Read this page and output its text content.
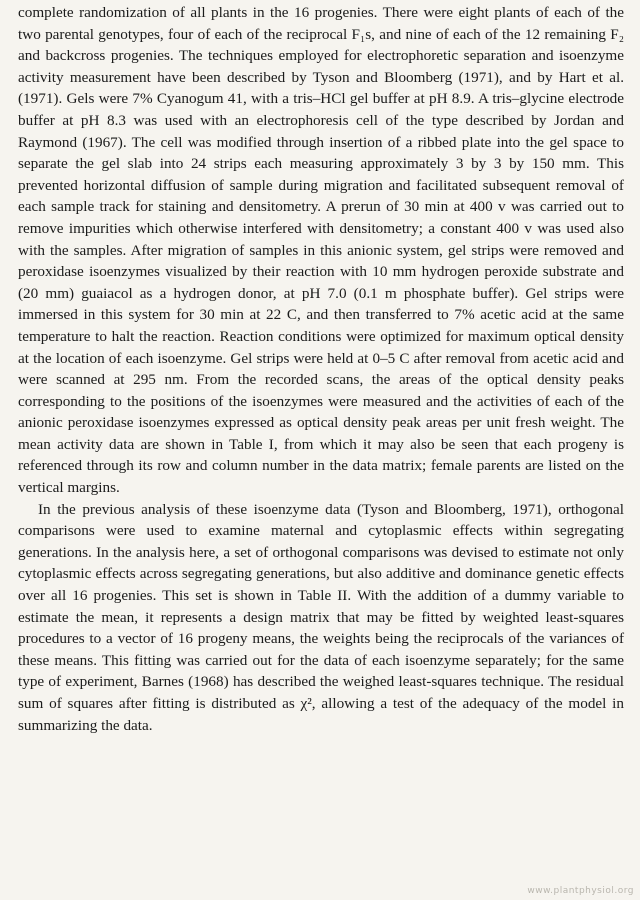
complete randomization of all plants in the 16 progenies. There were eight plants of each of the two parental genotypes, four of each of the reciprocal F₁s, and nine of each of the 12 remaining F₂ and backcross progenies. The techniques employed for electrophoretic separation and isoenzyme activity measurement have been described by Tyson and Bloomberg (1971), and by Hart et al. (1971). Gels were 7% Cyanogum 41, with a tris–HCl gel buffer at pH 8.9. A tris–glycine electrode buffer at pH 8.3 was used with an electrophoresis cell of the type described by Jordan and Raymond (1967). The cell was modified through insertion of a ribbed plate into the gel space to separate the gel slab into 24 strips each measuring approximately 3 by 3 by 150 mm. This prevented horizontal diffusion of sample during migration and facilitated subsequent removal of each sample track for staining and densitometry. A prerun of 30 min at 400 v was carried out to remove impurities which otherwise interfered with densitometry; a constant 400 v was used also with the samples. After migration of samples in this anionic system, gel strips were removed and peroxidase isoenzymes visualized by their reaction with 10 mm hydrogen peroxide substrate and (20 mm) guaiacol as a hydrogen donor, at pH 7.0 (0.1 m phosphate buffer). Gel strips were immersed in this system for 30 min at 22 C, and then transferred to 7% acetic acid at the same temperature to halt the reaction. Reaction conditions were optimized for maximum optical density at the location of each isoenzyme. Gel strips were held at 0–5 C after removal from acetic acid and were scanned at 295 nm. From the recorded scans, the areas of the optical density peaks corresponding to the positions of the isoenzymes were measured and the activities of each of the anionic peroxidase isoenzymes expressed as optical density peak areas per unit fresh weight. The mean activity data are shown in Table I, from which it may also be seen that each progeny is referenced through its row and column number in the data matrix; female parents are listed on the vertical margins.

In the previous analysis of these isoenzyme data (Tyson and Bloomberg, 1971), orthogonal comparisons were used to examine maternal and cytoplasmic effects within segregating generations. In the analysis here, a set of orthogonal comparisons was devised to estimate not only cytoplasmic effects across segregating generations, but also additive and dominance genetic effects over all 16 progenies. This set is shown in Table II. With the addition of a dummy variable to estimate the mean, it represents a design matrix that may be fitted by weighted least-squares procedures to a vector of 16 progeny means, the weights being the reciprocals of the variances of these means. This fitting was carried out for the data of each isoenzyme separately; for the same type of experiment, Barnes (1968) has described the weighed least-squares technique. The residual sum of squares after fitting is distributed as χ², allowing a test of the adequacy of the model in summarizing the data.

www.plantphysiol.org
